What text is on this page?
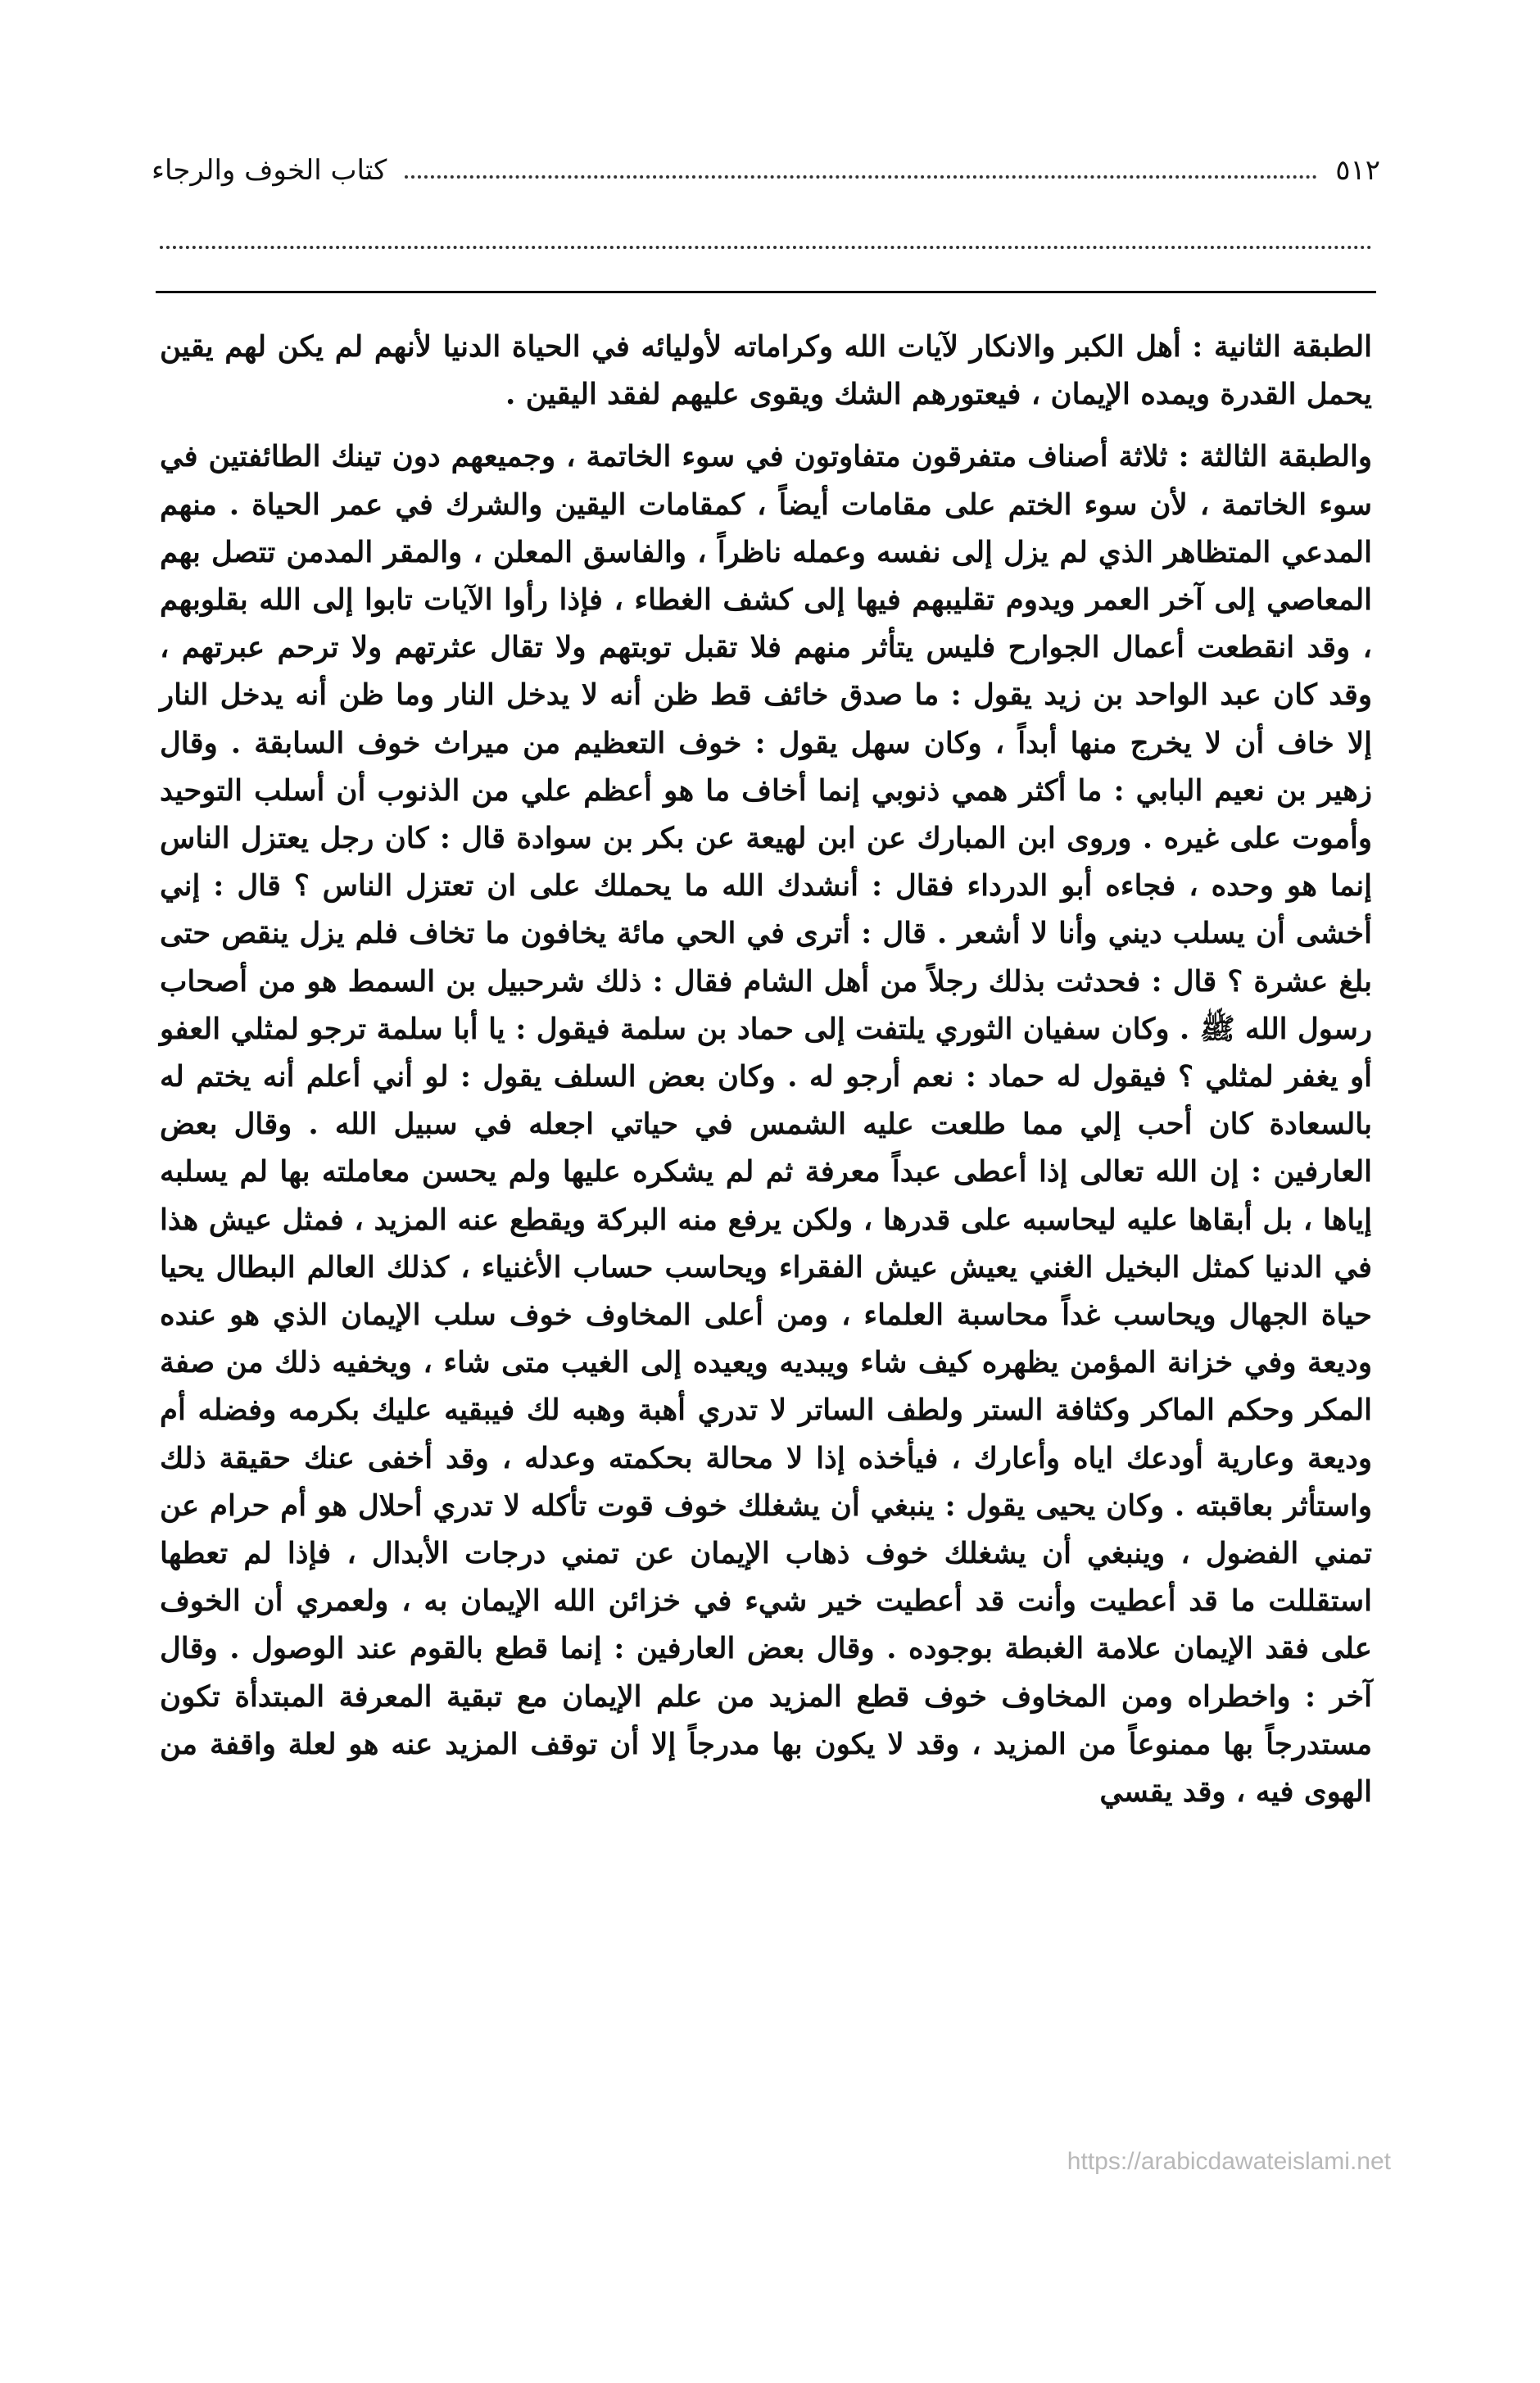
٥١٢
كتاب الخوف والرجاء

الطبقة الثانية : أهل الكبر والانكار لآيات الله وكراماته لأوليائه في الحياة الدنيا لأنهم لم يكن لهم يقين يحمل القدرة ويمده الإيمان ، فيعتورهم الشك ويقوى عليهم لفقد اليقين .

والطبقة الثالثة : ثلاثة أصناف متفرقون متفاوتون في سوء الخاتمة ، وجميعهم دون تينك الطائفتين في سوء الخاتمة ، لأن سوء الختم على مقامات أيضاً ، كمقامات اليقين والشرك في عمر الحياة . منهم المدعي المتظاهر الذي لم يزل إلى نفسه وعمله ناظراً ، والفاسق المعلن ، والمقر المدمن تتصل بهم المعاصي إلى آخر العمر ويدوم تقليبهم فيها إلى كشف الغطاء ، فإذا رأوا الآيات تابوا إلى الله بقلوبهم ، وقد انقطعت أعمال الجوارح فليس يتأثر منهم فلا تقبل توبتهم ولا تقال عثرتهم ولا ترحم عبرتهم ، وقد كان عبد الواحد بن زيد يقول : ما صدق خائف قط ظن أنه لا يدخل النار وما ظن أنه يدخل النار إلا خاف أن لا يخرج منها أبداً ، وكان سهل يقول : خوف التعظيم من ميراث خوف السابقة . وقال زهير بن نعيم البابي : ما أكثر همي ذنوبي إنما أخاف ما هو أعظم علي من الذنوب أن أسلب التوحيد وأموت على غيره . وروى ابن المبارك عن ابن لهيعة عن بكر بن سوادة قال : كان رجل يعتزل الناس إنما هو وحده ، فجاءه أبو الدرداء فقال : أنشدك الله ما يحملك على ان تعتزل الناس ؟ قال : إني أخشى أن يسلب ديني وأنا لا أشعر . قال : أترى في الحي مائة يخافون ما تخاف فلم يزل ينقص حتى بلغ عشرة ؟ قال : فحدثت بذلك رجلاً من أهل الشام فقال : ذلك شرحبيل بن السمط هو من أصحاب رسول الله ﷺ . وكان سفيان الثوري يلتفت إلى حماد بن سلمة فيقول : يا أبا سلمة ترجو لمثلي العفو أو يغفر لمثلي ؟ فيقول له حماد : نعم أرجو له . وكان بعض السلف يقول : لو أني أعلم أنه يختم له بالسعادة كان أحب إلي مما طلعت عليه الشمس في حياتي اجعله في سبيل الله . وقال بعض العارفين : إن الله تعالى إذا أعطى عبداً معرفة ثم لم يشكره عليها ولم يحسن معاملته بها لم يسلبه إياها ، بل أبقاها عليه ليحاسبه على قدرها ، ولكن يرفع منه البركة ويقطع عنه المزيد ، فمثل عيش هذا في الدنيا كمثل البخيل الغني يعيش عيش الفقراء ويحاسب حساب الأغنياء ، كذلك العالم البطال يحيا حياة الجهال ويحاسب غداً محاسبة العلماء ، ومن أعلى المخاوف خوف سلب الإيمان الذي هو عنده وديعة وفي خزانة المؤمن يظهره كيف شاء ويبديه ويعيده إلى الغيب متى شاء ، ويخفيه ذلك من صفة المكر وحكم الماكر وكثافة الستر ولطف الساتر لا تدري أهبة وهبه لك فيبقيه عليك بكرمه وفضله أم وديعة وعارية أودعك اياه وأعارك ، فيأخذه إذا لا محالة بحكمته وعدله ، وقد أخفى عنك حقيقة ذلك واستأثر بعاقبته . وكان يحيى يقول : ينبغي أن يشغلك خوف قوت تأكله لا تدري أحلال هو أم حرام عن تمني الفضول ، وينبغي أن يشغلك خوف ذهاب الإيمان عن تمني درجات الأبدال ، فإذا لم تعطها استقللت ما قد أعطيت وأنت قد أعطيت خير شيء في خزائن الله الإيمان به ، ولعمري أن الخوف على فقد الإيمان علامة الغبطة بوجوده . وقال بعض العارفين : إنما قطع بالقوم عند الوصول . وقال آخر : واخطراه ومن المخاوف خوف قطع المزيد من علم الإيمان مع تبقية المعرفة المبتدأة تكون مستدرجاً بها ممنوعاً من المزيد ، وقد لا يكون بها مدرجاً إلا أن توقف المزيد عنه هو لعلة واقفة من الهوى فيه ، وقد يقسي

https://arabicdawateislami.net
